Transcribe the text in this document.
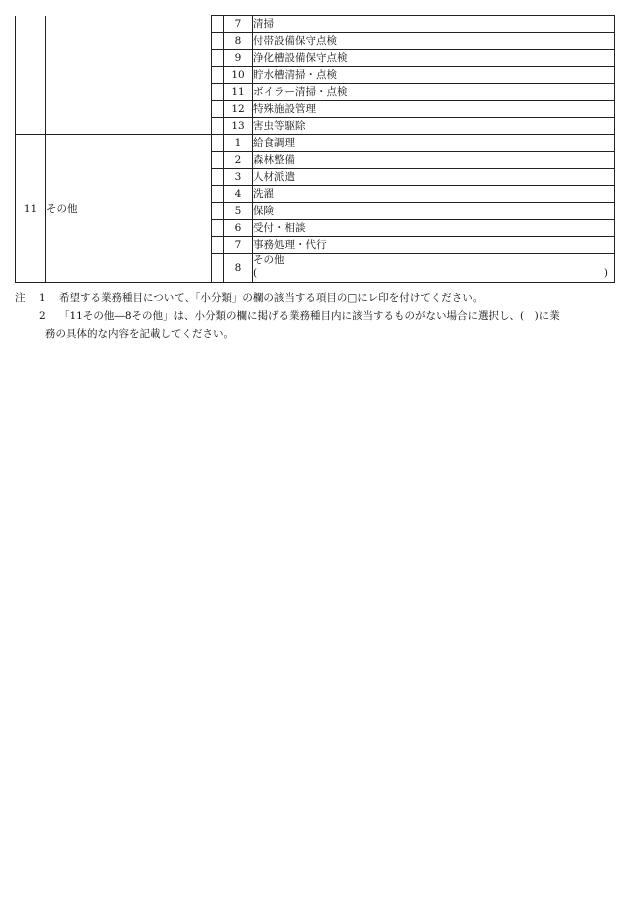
			7	清掃
			8	付帯設備保守点検
			9	浄化槽設備保守点検
			10	貯水槽清掃・点検
			11	ボイラー清掃・点検
			12	特殊施設管理
			13	害虫等駆除
11	その他		1	給食調理
			2	森林整備
			3	人材派遣
			4	洗濯
			5	保険
			6	受付・相談
			7	事務処理・代行
			8	その他
( )
注	1	希望する業務種目について、「小分類」の欄の該当する項目の□にレ印を付けてください。
2	「11その他―8その他」は、小分類の欄に掲げる業務種目内に該当するものがない場合に選択し、(　)に業
務の具体的な内容を記載してください。
